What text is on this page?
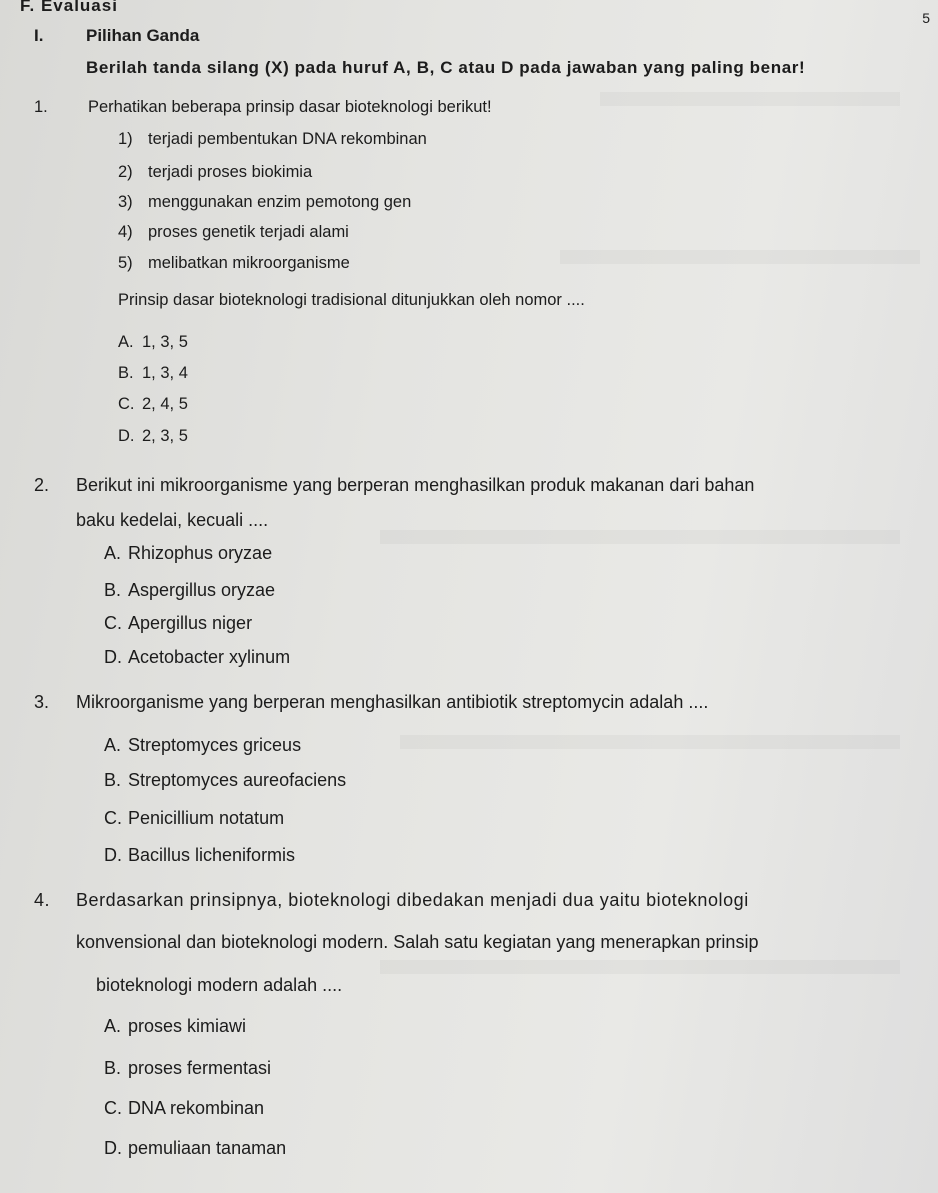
F. Evaluasi
5
I.	Pilihan Ganda
Berilah tanda silang (X) pada huruf A, B, C atau D pada jawaban yang paling benar!
1. Perhatikan beberapa prinsip dasar bioteknologi berikut!
1) terjadi pembentukan DNA rekombinan
2) terjadi proses biokimia
3) menggunakan enzim pemotong gen
4) proses genetik terjadi alami
5) melibatkan mikroorganisme
Prinsip dasar bioteknologi tradisional ditunjukkan oleh nomor ....
A. 1, 3, 5
B. 1, 3, 4
C. 2, 4, 5
D. 2, 3, 5
2. Berikut ini mikroorganisme yang berperan menghasilkan produk makanan dari bahan
baku kedelai, kecuali ....
A. Rhizophus oryzae
B. Aspergillus oryzae
C. Apergillus niger
D. Acetobacter xylinum
3. Mikroorganisme yang berperan menghasilkan antibiotik streptomycin adalah ....
A. Streptomyces griceus
B. Streptomyces aureofaciens
C. Penicillium notatum
D. Bacillus licheniformis
4. Berdasarkan prinsipnya, bioteknologi dibedakan menjadi dua yaitu bioteknologi
konvensional dan bioteknologi modern. Salah satu kegiatan yang menerapkan prinsip
bioteknologi modern adalah ....
A. proses kimiawi
B. proses fermentasi
C. DNA rekombinan
D. pemuliaan tanaman
